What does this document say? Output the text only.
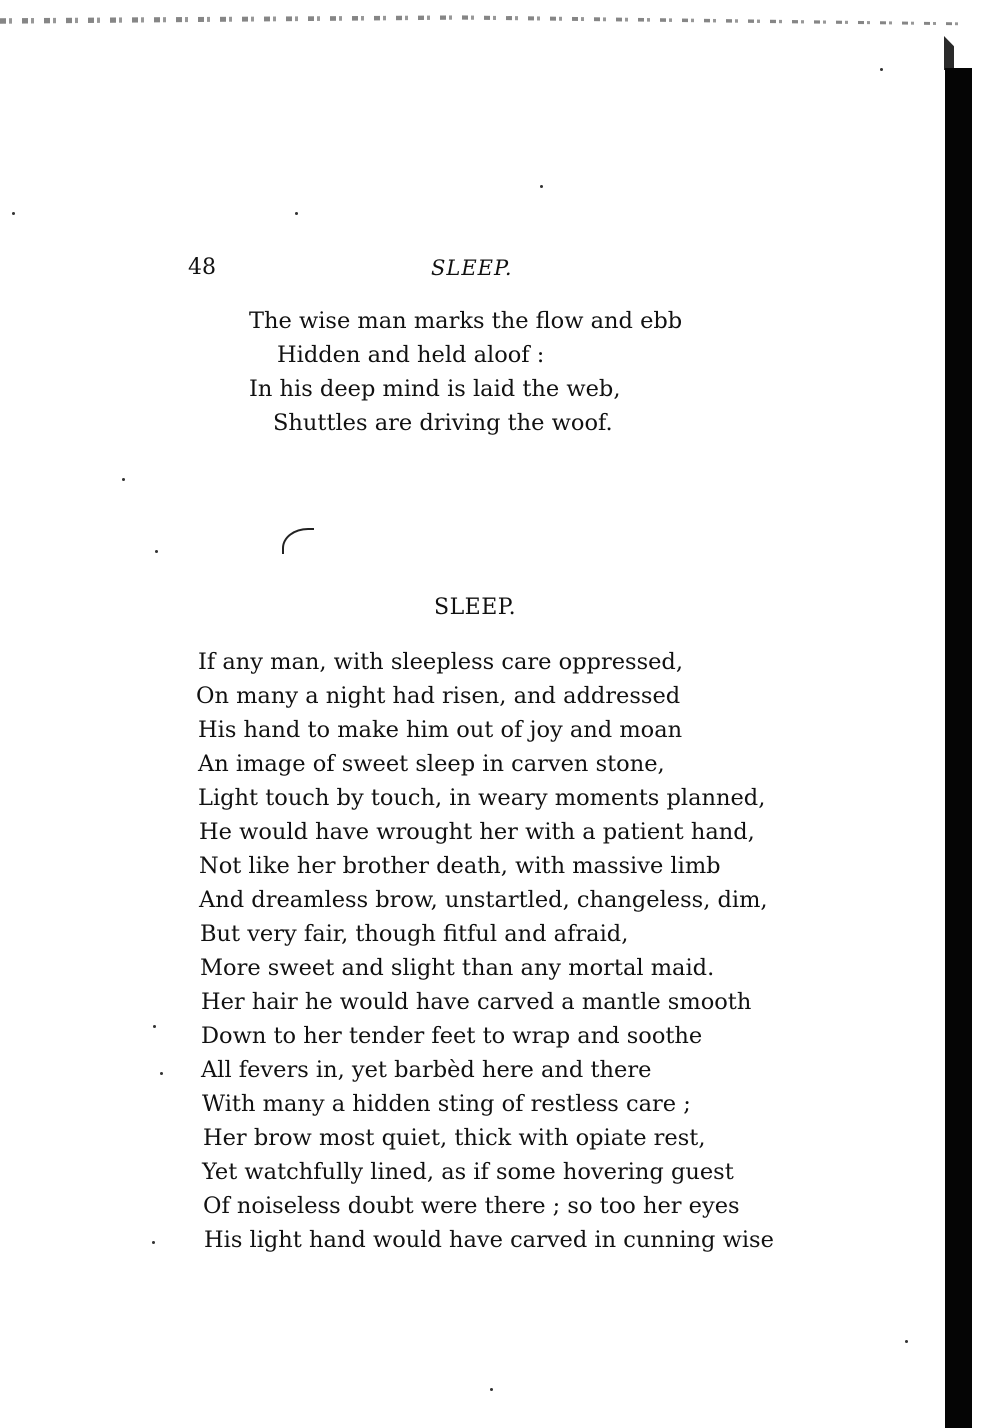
48	SLEEP.
The wise man marks the flow and ebb
Hidden and held aloof :
In his deep mind is laid the web,
Shuttles are driving the woof.
SLEEP.
If any man, with sleepless care oppressed,
On many a night had risen, and addressed
His hand to make him out of joy and moan
An image of sweet sleep in carven stone,
Light touch by touch, in weary moments planned,
He would have wrought her with a patient hand,
Not like her brother death, with massive limb
And dreamless brow, unstartled, changeless, dim,
But very fair, though fitful and afraid,
More sweet and slight than any mortal maid.
Her hair he would have carved a mantle smooth
Down to her tender feet to wrap and soothe
All fevers in, yet barbèd here and there
With many a hidden sting of restless care ;
Her brow most quiet, thick with opiate rest,
Yet watchfully lined, as if some hovering guest
Of noiseless doubt were there ; so too her eyes
His light hand would have carved in cunning wise
